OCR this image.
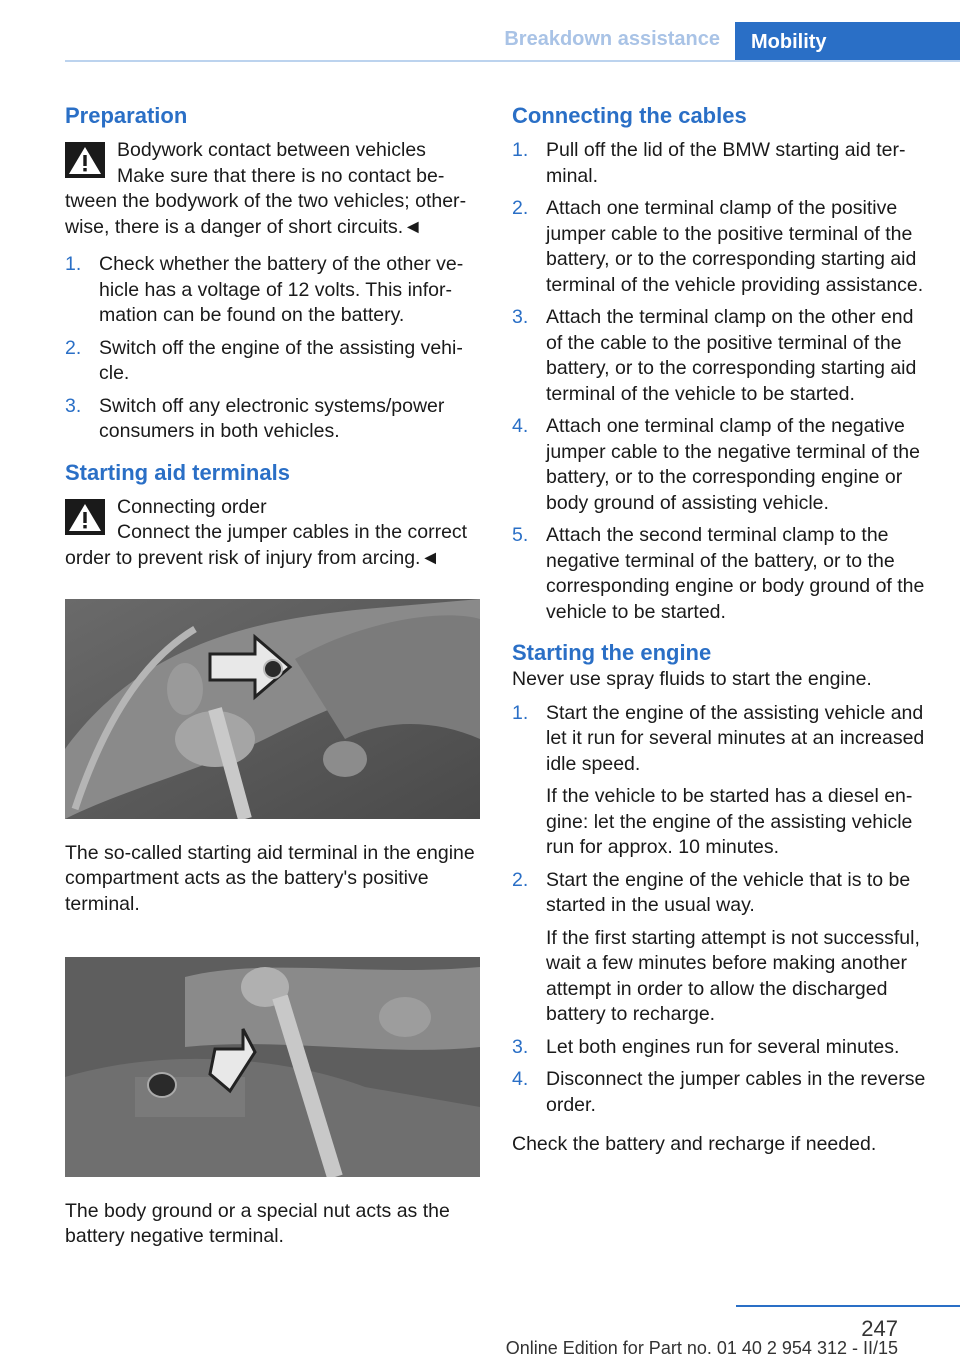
Breakdown assistance Mobility
Preparation

Bodywork contact between vehicles
Make sure that there is no contact between the bodywork of the two vehicles; otherwise, there is a danger of short circuits.◄

1. Check whether the battery of the other vehicle has a voltage of 12 volts. This information can be found on the battery.

2. Switch off the engine of the assisting vehicle.

3. Switch off any electronic systems/power consumers in both vehicles.

Starting aid terminals

Connecting order
Connect the jumper cables in the correct order to prevent risk of injury from arcing.◄

The so-called starting aid terminal in the engine compartment acts as the battery's positive terminal.

The body ground or a special nut acts as the battery negative terminal.

Connecting the cables
1. Pull off the lid of the BMW starting aid terminal.

2. Attach one terminal clamp of the positive jumper cable to the positive terminal of the battery, or to the corresponding starting aid terminal of the vehicle providing assistance.

3. Attach the terminal clamp on the other end of the cable to the positive terminal of the battery, or to the corresponding starting aid terminal of the vehicle to be started.

4. Attach one terminal clamp of the negative jumper cable to the negative terminal of the battery, or to the corresponding engine or body ground of assisting vehicle.

5. Attach the second terminal clamp to the negative terminal of the battery, or to the corresponding engine or body ground of the vehicle to be started.

Starting the engine

Never use spray fluids to start the engine.

1. Start the engine of the assisting vehicle and let it run for several minutes at an increased idle speed.

If the vehicle to be started has a diesel engine: let the engine of the assisting vehicle run for approx. 10 minutes.

2. Start the engine of the vehicle that is to be started in the usual way.

If the first starting attempt is not successful, wait a few minutes before making another attempt in order to allow the discharged battery to recharge.

3. Let both engines run for several minutes.

4. Disconnect the jumper cables in the reverse order.

Check the battery and recharge if needed.

247
Online Edition for Part no. 01 40 2 954 312 - II/15
